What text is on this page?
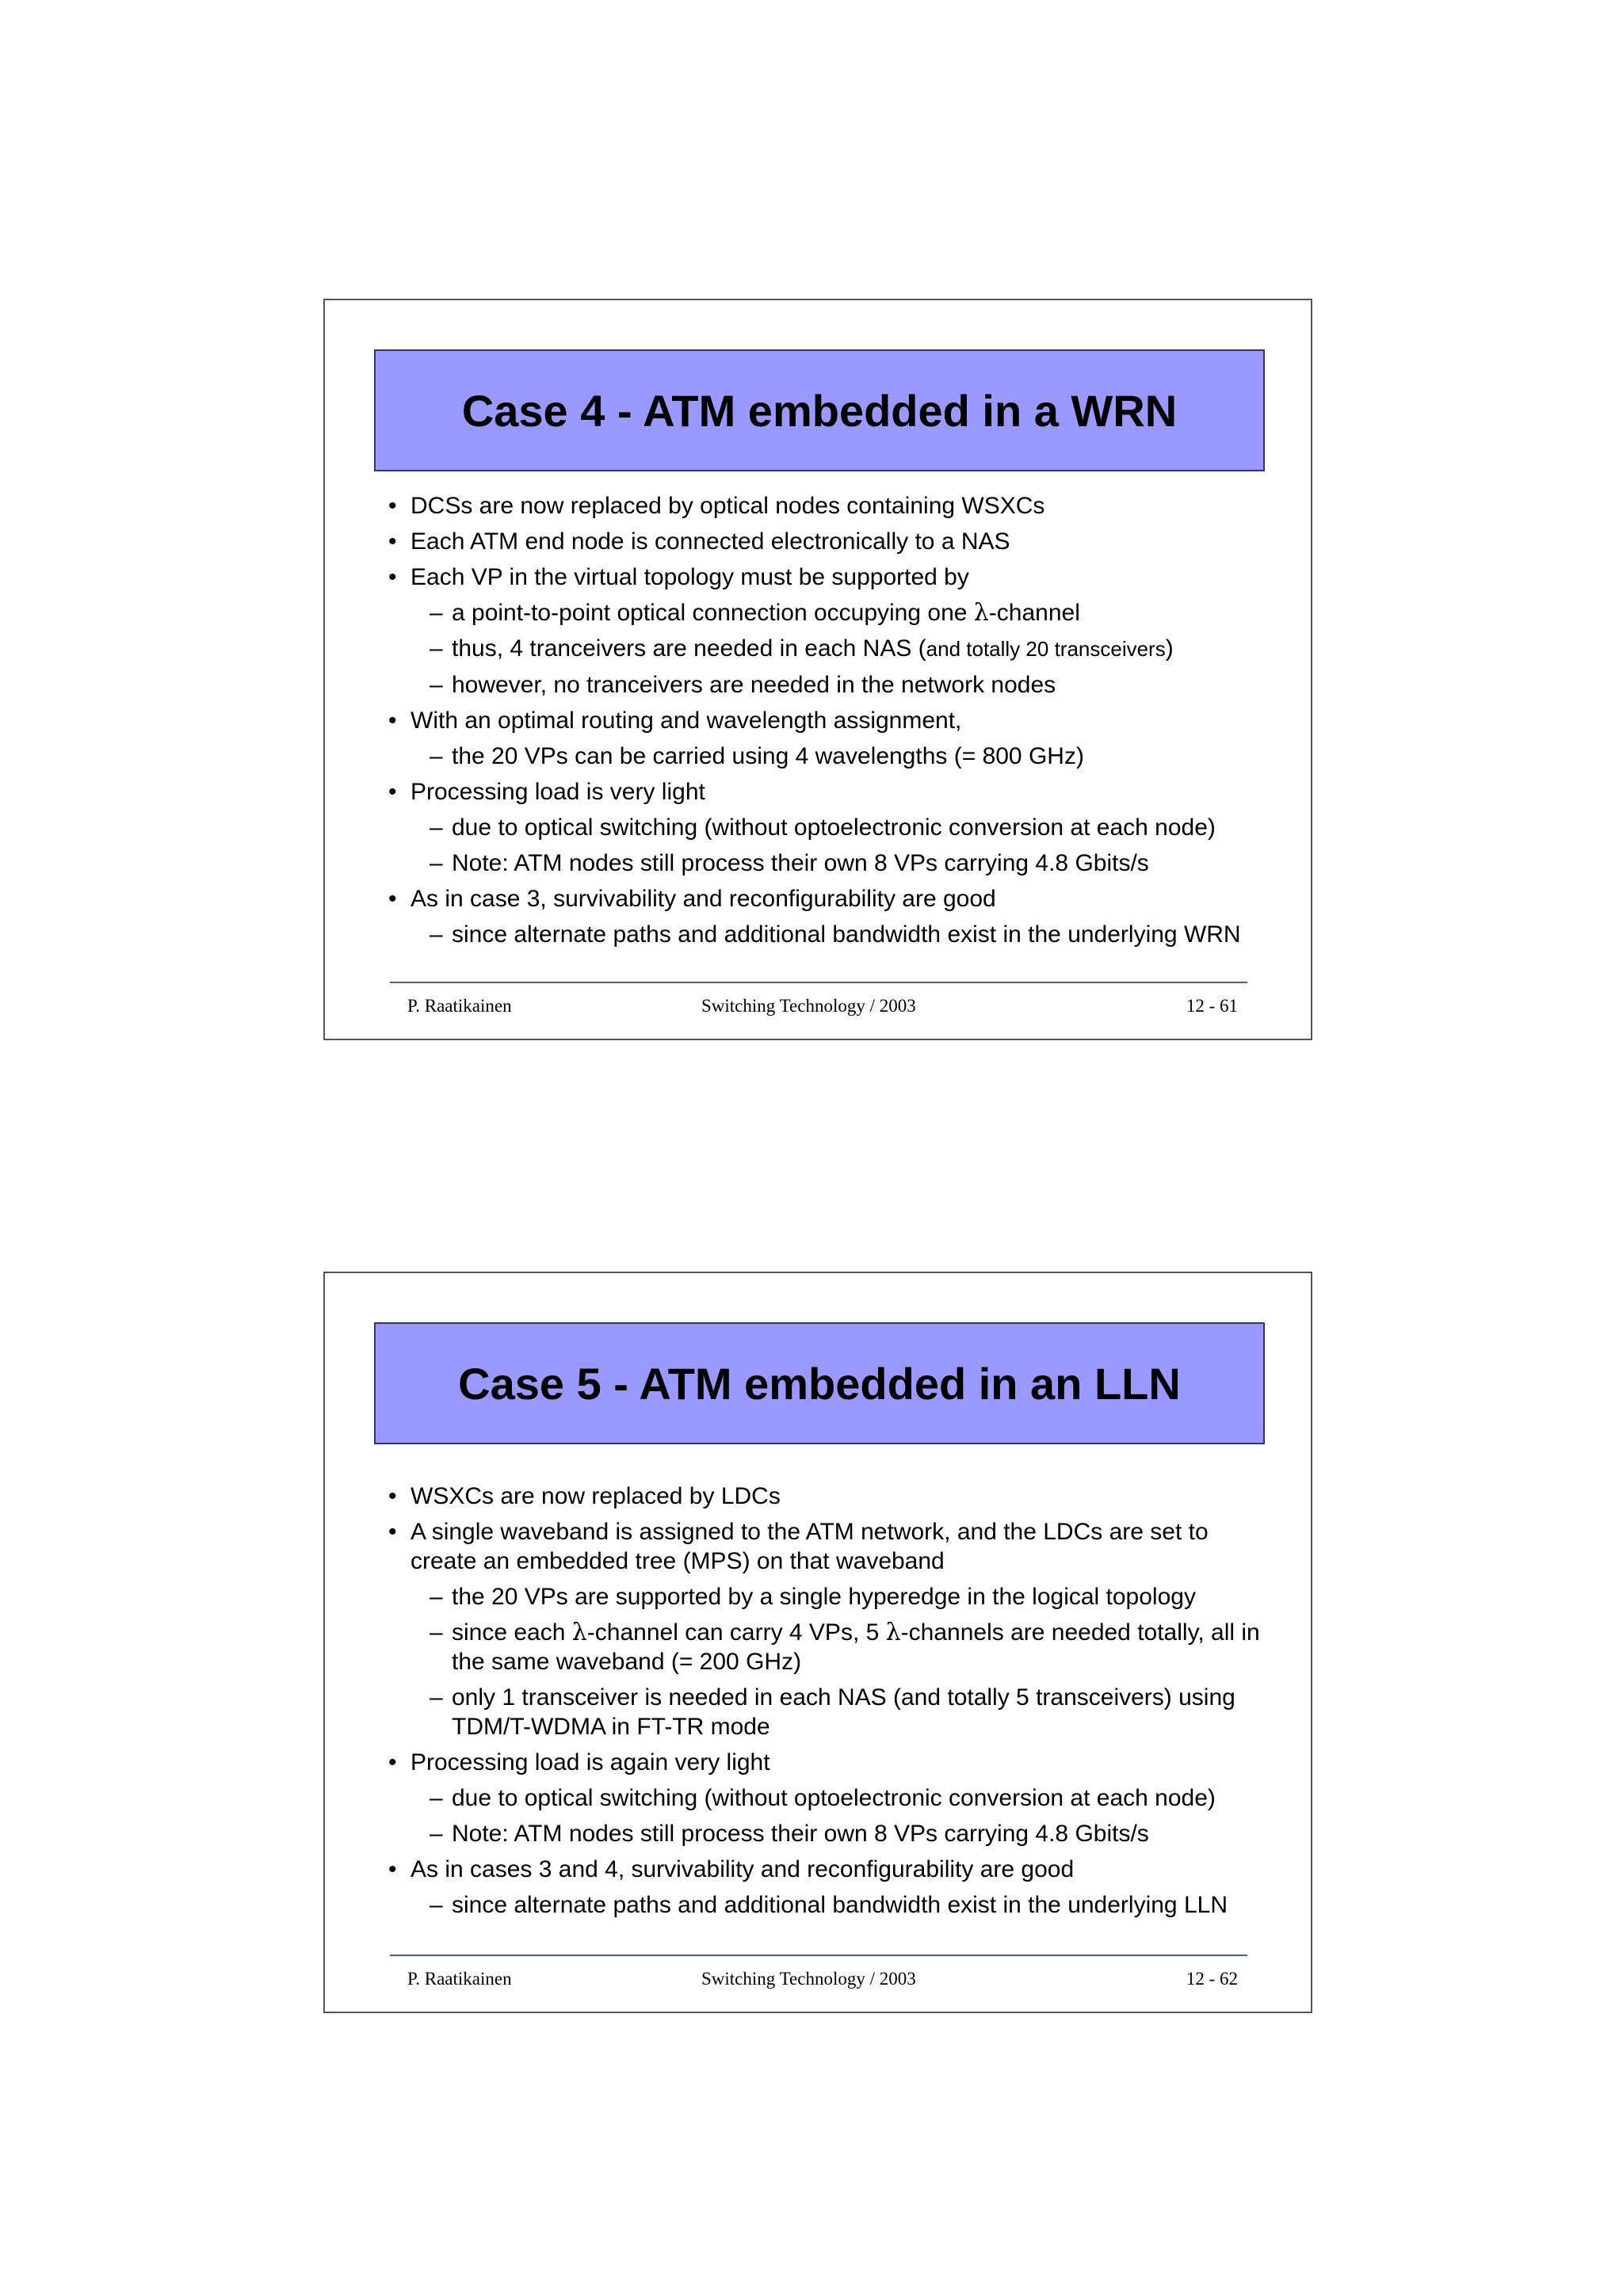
Case 4 - ATM embedded in a WRN
• DCSs are now replaced by optical nodes containing WSXCs
• Each ATM end node is connected electronically to a NAS
• Each VP in the virtual topology must be supported by
– a point-to-point optical connection occupying one λ-channel
– thus, 4 tranceivers are needed in each NAS (and totally 20 transceivers)
– however, no tranceivers are needed in the network nodes
• With an optimal routing and wavelength assignment,
– the 20 VPs can be carried using 4 wavelengths (= 800 GHz)
• Processing load is very light
– due to optical switching (without optoelectronic conversion at each node)
– Note: ATM nodes still process their own 8 VPs carrying 4.8 Gbits/s
• As in case 3, survivability and reconfigurability are good
– since alternate paths and additional bandwidth exist in the underlying WRN
P. Raatikainen	Switching Technology / 2003	12 - 61
Case 5 - ATM embedded in an LLN
• WSXCs are now replaced by LDCs
• A single waveband is assigned to the ATM network, and the LDCs are set to create an embedded tree (MPS) on that waveband
– the 20 VPs are supported by a single hyperedge in the logical topology
– since each λ-channel can carry 4 VPs, 5 λ-channels are needed totally, all in the same waveband (= 200 GHz)
– only 1 transceiver is needed in each NAS (and totally 5 transceivers) using TDM/T-WDMA in FT-TR mode
• Processing load is again very light
– due to optical switching (without optoelectronic conversion at each node)
– Note: ATM nodes still process their own 8 VPs carrying 4.8 Gbits/s
• As in cases 3 and 4, survivability and reconfigurability are good
– since alternate paths and additional bandwidth exist in the underlying LLN
P. Raatikainen	Switching Technology / 2003	12 - 62
